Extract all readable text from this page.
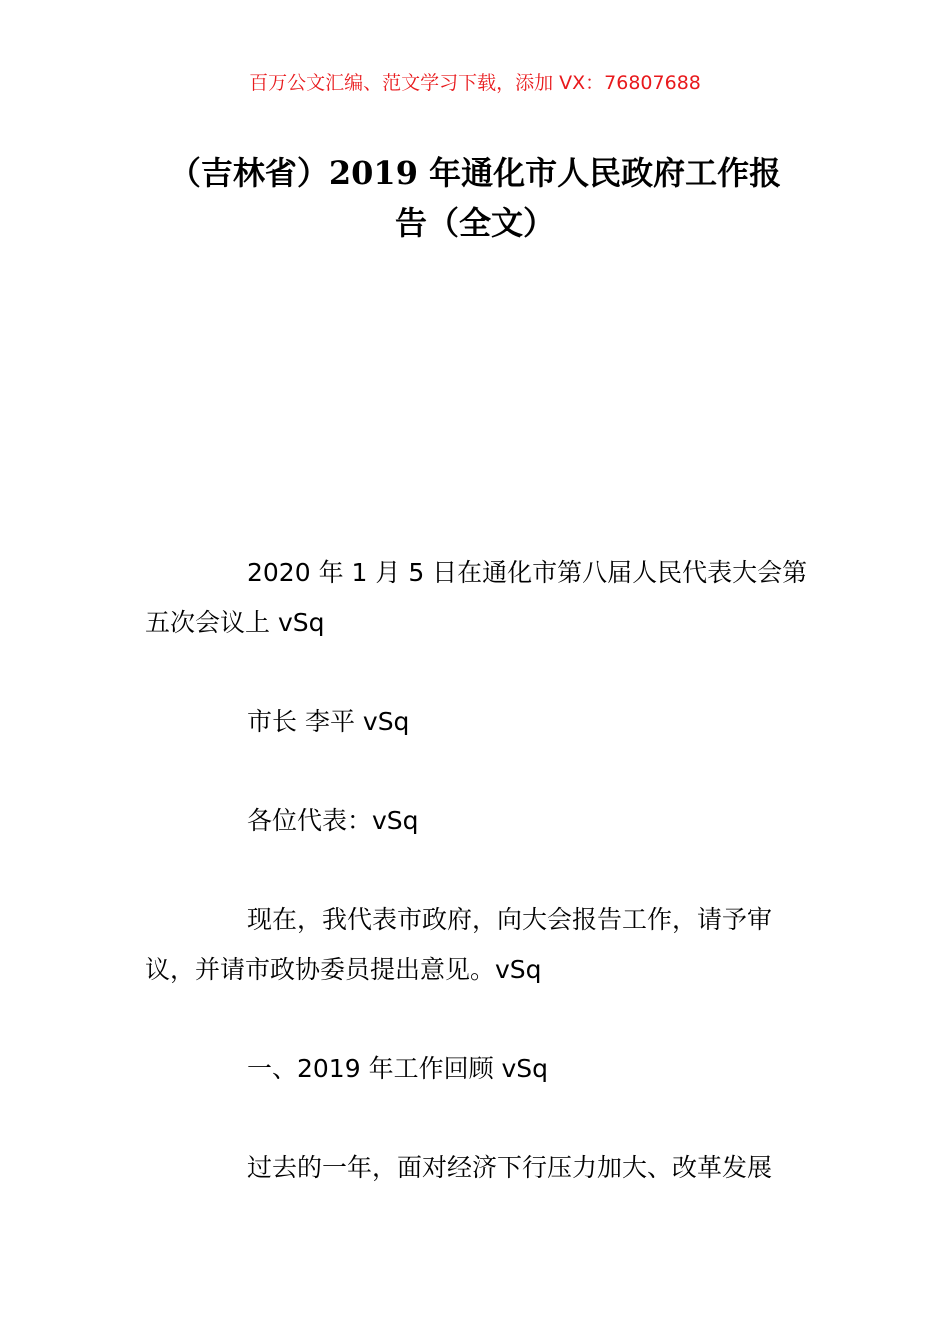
百万公文汇编、范文学习下载，添加 VX：76807688
（吉林省）2019 年通化市人民政府工作报
告（全文）
2020 年 1 月 5 日在通化市第八届人民代表大会第
五次会议上 vSq
市长 李平 vSq
各位代表：vSq
现在，我代表市政府，向大会报告工作，请予审
议，并请市政协委员提出意见。vSq
一、2019 年工作回顾 vSq
过去的一年，面对经济下行压力加大、改革发展
